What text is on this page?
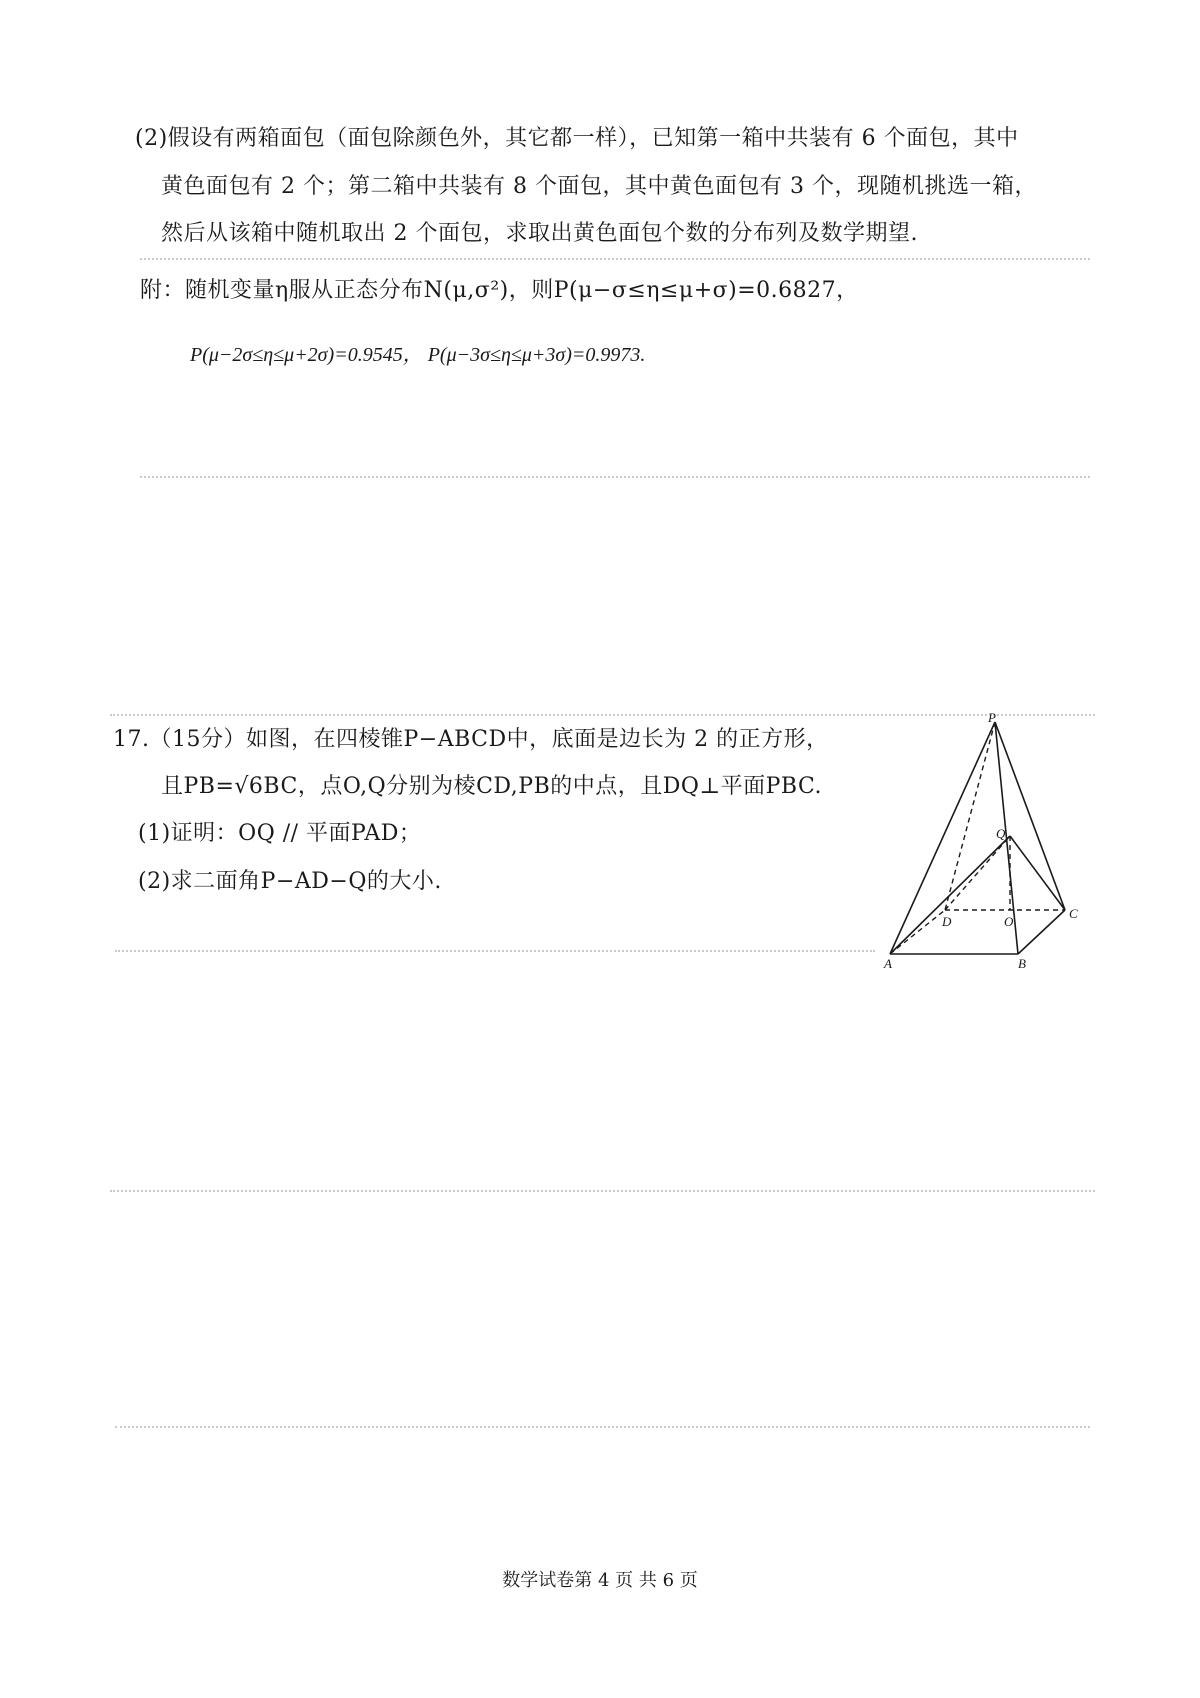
(2)假设有两箱面包（面包除颜色外，其它都一样），已知第一箱中共装有 6 个面包，其中
黄色面包有 2 个；第二箱中共装有 8 个面包，其中黄色面包有 3 个，现随机挑选一箱，
然后从该箱中随机取出 2 个面包，求取出黄色面包个数的分布列及数学期望.
附：随机变量η服从正态分布N(μ,σ²)，则P(μ−σ≤η≤μ+σ)=0.6827，
P(μ−2σ≤η≤μ+2σ)=0.9545， P(μ−3σ≤η≤μ+3σ)=0.9973.
17.（15分）如图，在四棱锥P−ABCD中，底面是边长为 2 的正方形，
且PB=√6BC，点O,Q分别为棱CD,PB的中点，且DQ⊥平面PBC.
(1)证明：OQ // 平面PAD；
(2)求二面角P−AD−Q的大小.
P
Q
D	O
C
A	B
数学试卷第 4 页 共 6 页
